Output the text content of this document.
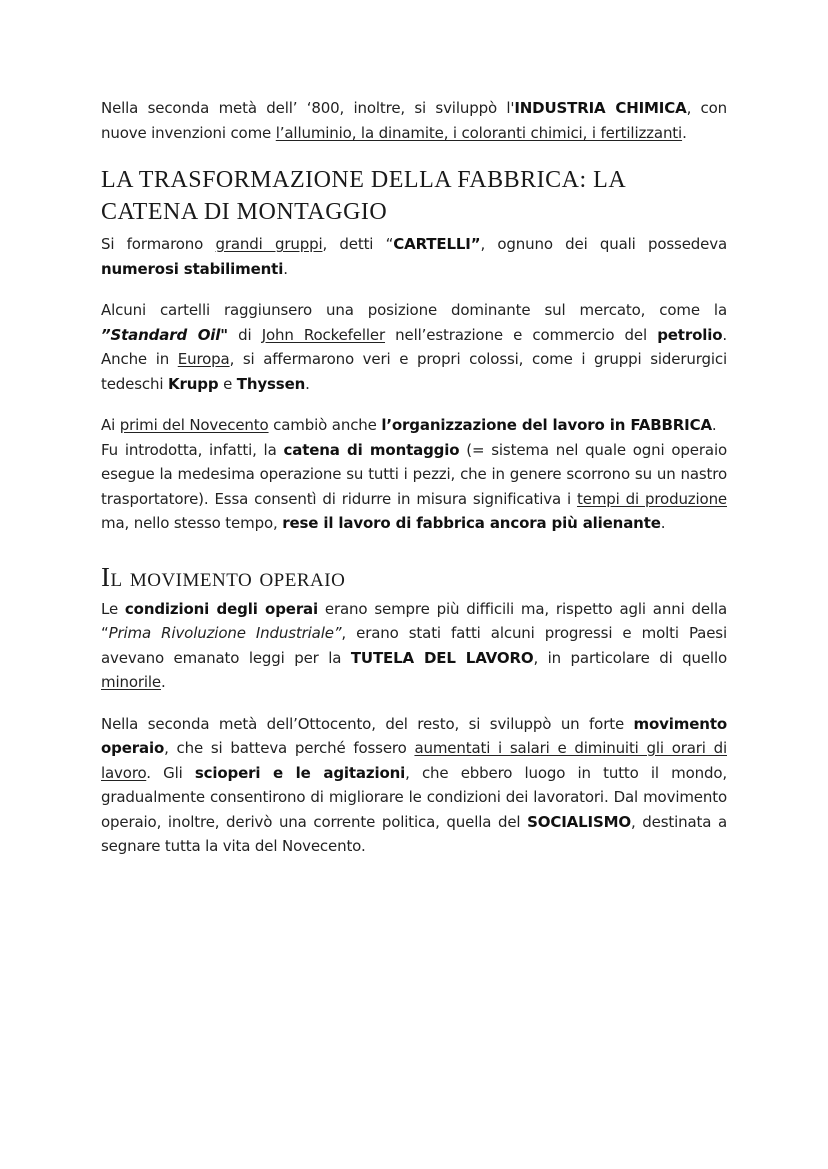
Nella seconda metà dell’ ‘800, inoltre, si sviluppò l'INDUSTRIA CHIMICA, con nuove invenzioni come l’alluminio, la dinamite, i coloranti chimici, i fertilizzanti.

LA TRASFORMAZIONE DELLA FABBRICA: LA CATENA DI MONTAGGIO

Si formarono grandi gruppi, detti “CARTELLI”, ognuno dei quali possedeva numerosi stabilimenti.

Alcuni cartelli raggiunsero una posizione dominante sul mercato, come la ”Standard Oil" di John Rockefeller nell’estrazione e commercio del petrolio. Anche in Europa, si affermarono veri e propri colossi, come i gruppi siderurgici tedeschi Krupp e Thyssen.

Ai primi del Novecento cambiò anche l’organizzazione del lavoro in FABBRICA.

Fu introdotta, infatti, la catena di montaggio (= sistema nel quale ogni operaio esegue la medesima operazione su tutti i pezzi, che in genere scorrono su un nastro trasportatore). Essa consentì di ridurre in misura significativa i tempi di produzione ma, nello stesso tempo, rese il lavoro di fabbrica ancora più alienante.

Il movimento operaio

Le condizioni degli operai erano sempre più difficili ma, rispetto agli anni della “Prima Rivoluzione Industriale”, erano stati fatti alcuni progressi e molti Paesi avevano emanato leggi per la TUTELA DEL LAVORO, in particolare di quello minorile.

Nella seconda metà dell’Ottocento, del resto, si sviluppò un forte movimento operaio, che si batteva perché fossero aumentati i salari e diminuiti gli orari di lavoro. Gli scioperi e le agitazioni, che ebbero luogo in tutto il mondo, gradualmente consentirono di migliorare le condizioni dei lavoratori. Dal movimento operaio, inoltre, derivò una corrente politica, quella del SOCIALISMO, destinata a segnare tutta la vita del Novecento.
